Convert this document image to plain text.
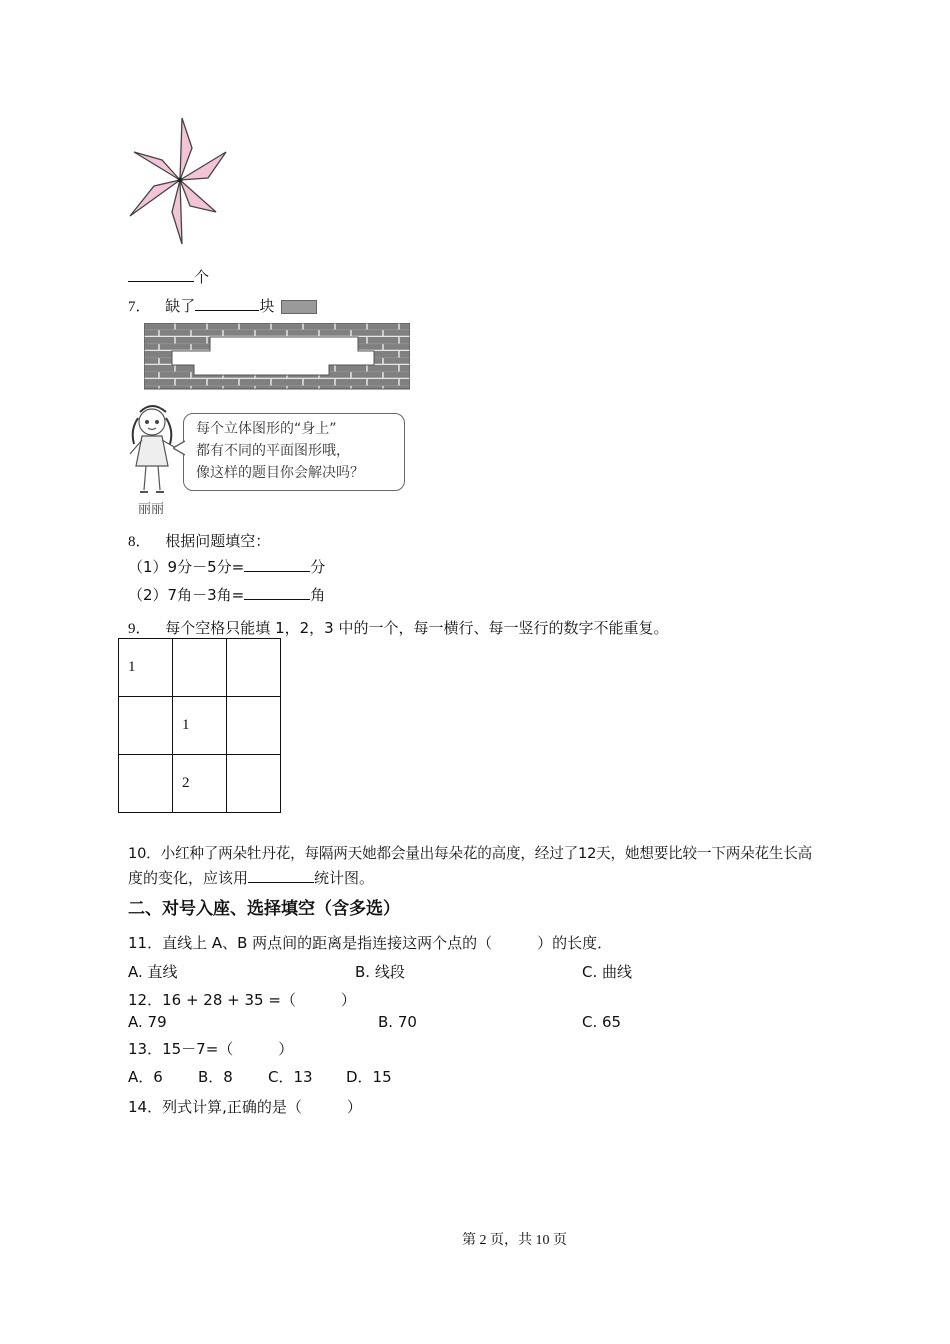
个
7． 缺了	块
丽丽
每个立体图形的“身上”
都有不同的平面图形哦，
像这样的题目你会解决吗？
8． 根据问题填空：
（1）9分－5分=	分
（2）7角－3角=	角
9． 每个空格只能填 1，2，3 中的一个，每一横行、每一竖行的数字不能重复。
1		
	1	
	2	
10．小红种了两朵牡丹花，每隔两天她都会量出每朵花的高度，经过了12天，她想要比较一下两朵花生长高
度的变化，应该用	统计图。
二、对号入座、选择填空（含多选）
11．直线上 A、B 两点间的距离是指连接这两个点的（　　　）的长度．
A. 直线	B. 线段	C. 曲线
12．16 + 28 + 35 =（　　　）
A. 79	B. 70	C. 65
13．15－7=（　　　）
A．6 B．8 C．13 D．15
14．列式计算,正确的是（　　　）
第 2 页，共 10 页
